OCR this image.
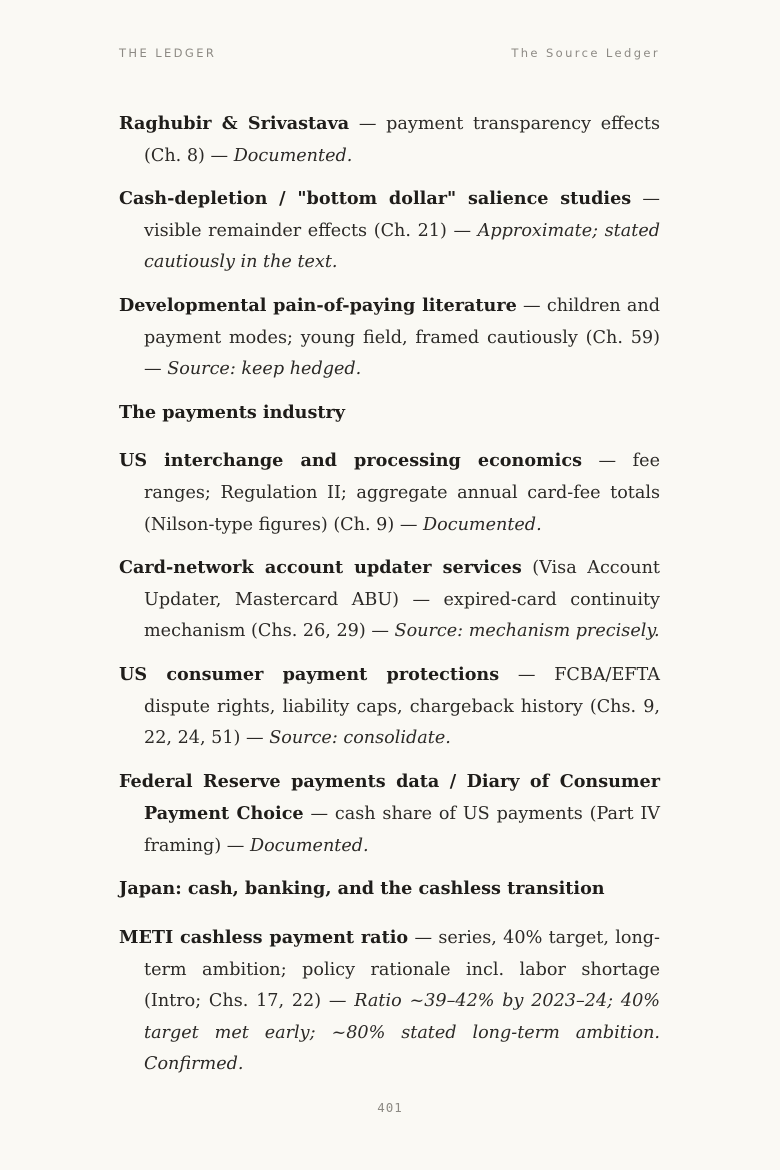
THE LEDGER	The Source Ledger

Raghubir & Srivastava — payment transparency effects (Ch. 8) — Documented.

Cash-depletion / "bottom dollar" salience studies — visible remainder effects (Ch. 21) — Approximate; stated cautiously in the text.

Developmental pain-of-paying literature — children and payment modes; young field, framed cautiously (Ch. 59) — Source: keep hedged.

The payments industry

US interchange and processing economics — fee ranges; Regulation II; aggregate annual card-fee totals (Nilson-type figures) (Ch. 9) — Documented.

Card-network account updater services (Visa Account Updater, Mastercard ABU) — expired-card continuity mechanism (Chs. 26, 29) — Source: mechanism precisely.

US consumer payment protections — FCBA/EFTA dispute rights, liability caps, chargeback history (Chs. 9, 22, 24, 51) — Source: consolidate.

Federal Reserve payments data / Diary of Consumer Payment Choice — cash share of US payments (Part IV framing) — Documented.

Japan: cash, banking, and the cashless transition

METI cashless payment ratio — series, 40% target, long-term ambition; policy rationale incl. labor shortage (Intro; Chs. 17, 22) — Ratio ~39–42% by 2023–24; 40% target met early; ~80% stated long-term ambition. Confirmed.

401
